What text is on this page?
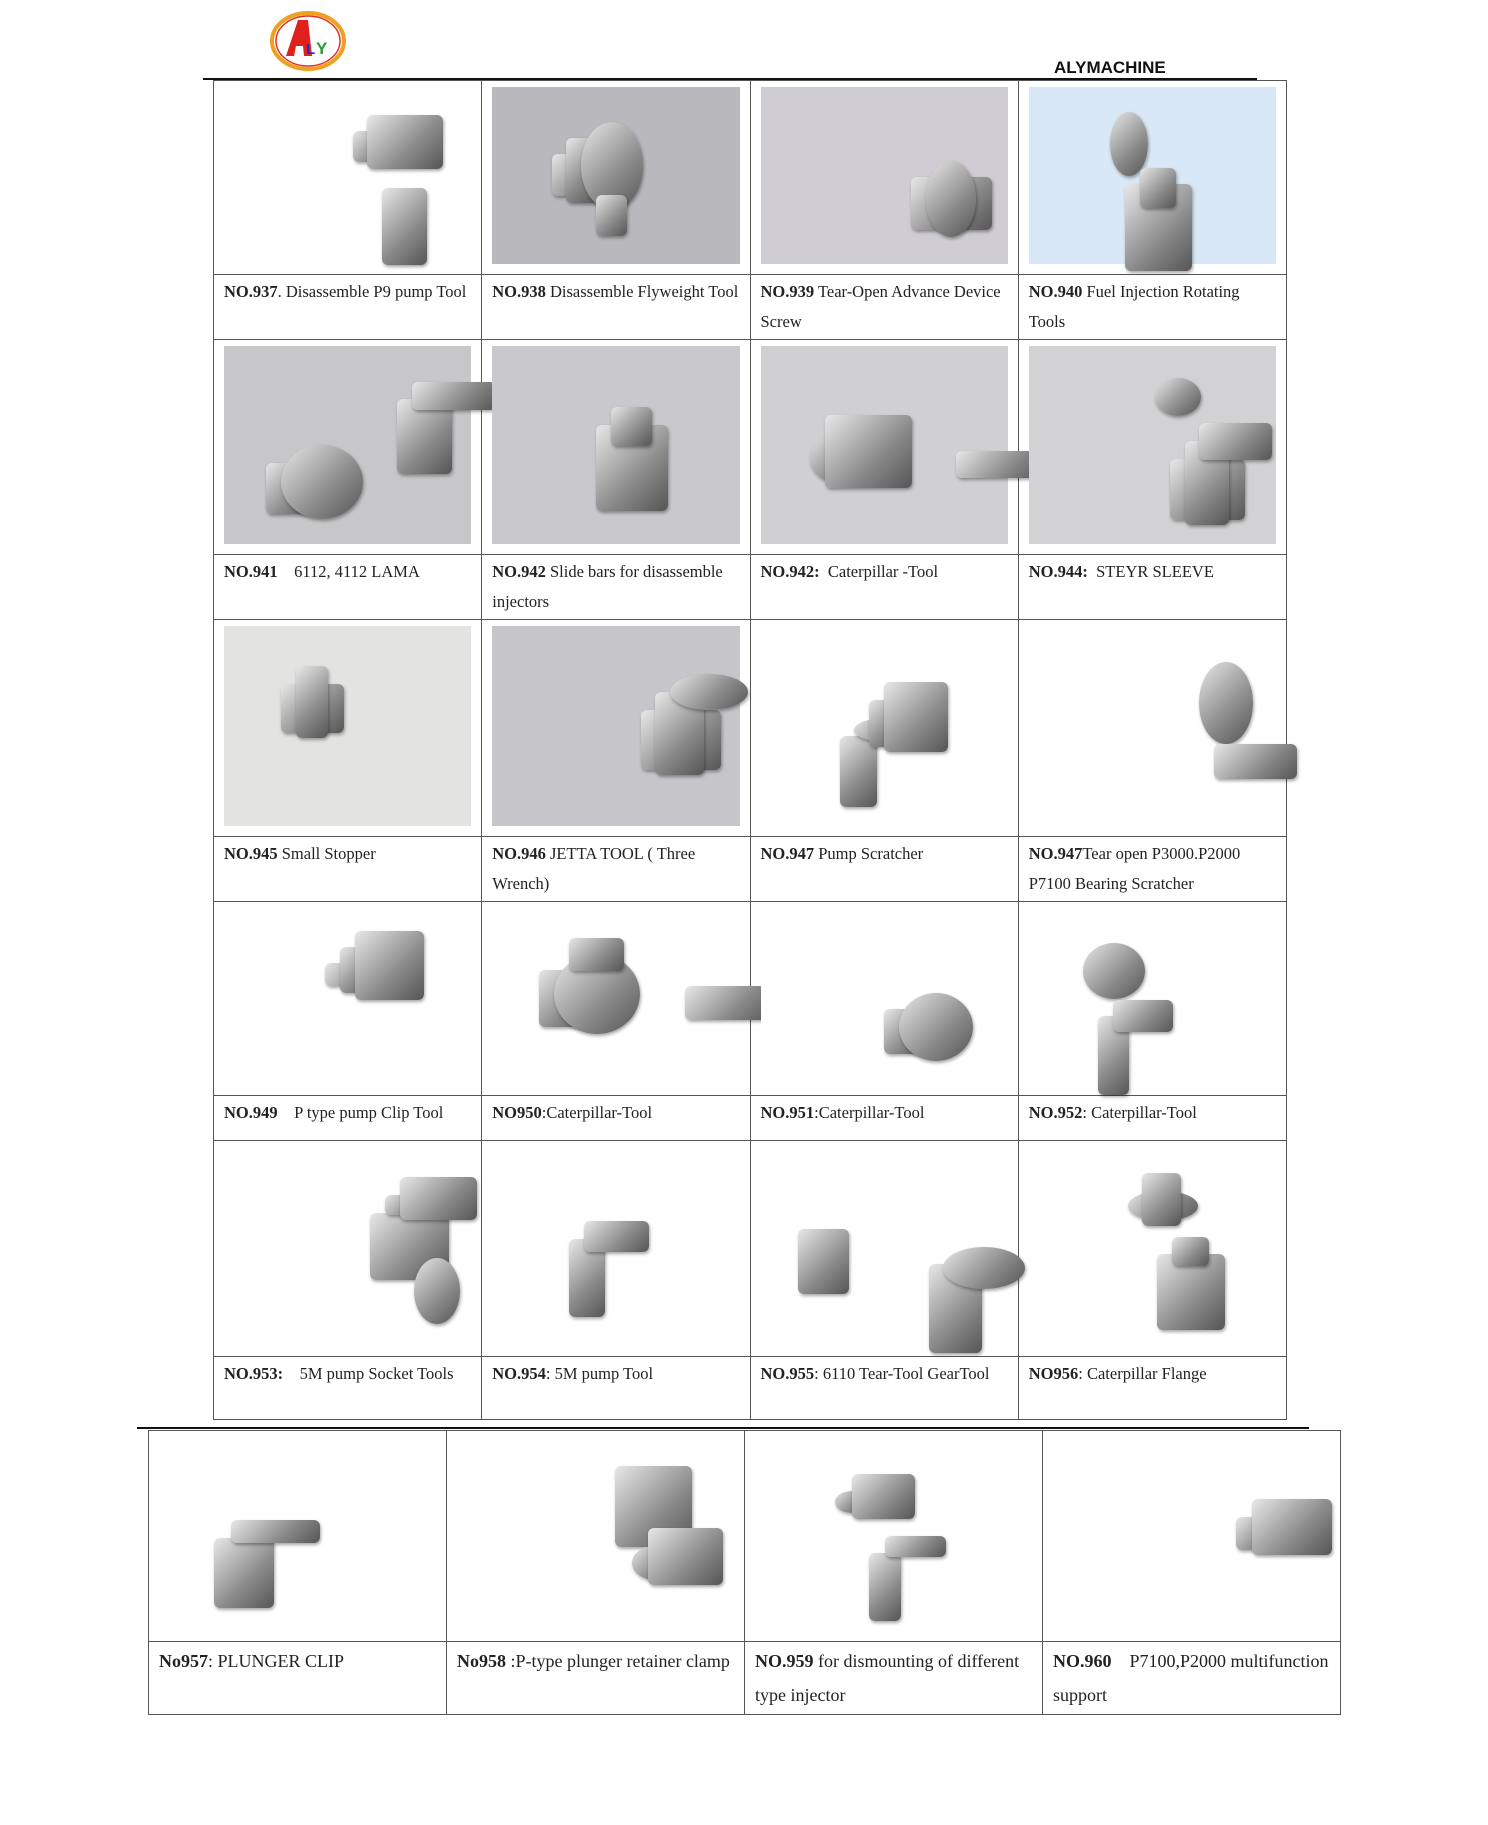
L Y
ALYMACHINE

NO.937. Disassemble P9 pump Tool	NO.938 Disassemble Flyweight Tool	NO.939 Tear-Open Advance Device Screw	NO.940 Fuel Injection Rotating Tools

NO.941    6112, 4112 LAMA	NO.942 Slide bars for disassemble injectors	NO.942:  Caterpillar -Tool	NO.944:  STEYR SLEEVE

NO.945 Small Stopper	NO.946 JETTA TOOL ( Three Wrench)	NO.947 Pump Scratcher	NO.947Tear open P3000.P2000 P7100 Bearing Scratcher

NO.949    P type pump Clip Tool	NO950:Caterpillar-Tool	NO.951:Caterpillar-Tool	NO.952: Caterpillar-Tool

NO.953:    5M pump Socket Tools	NO.954: 5M pump Tool	NO.955: 6110 Tear-Tool GearTool	NO956: Caterpillar Flange

No957: PLUNGER CLIP	No958 :P-type plunger retainer clamp	NO.959 for dismounting of different type injector	NO.960    P7100,P2000 multifunction support
